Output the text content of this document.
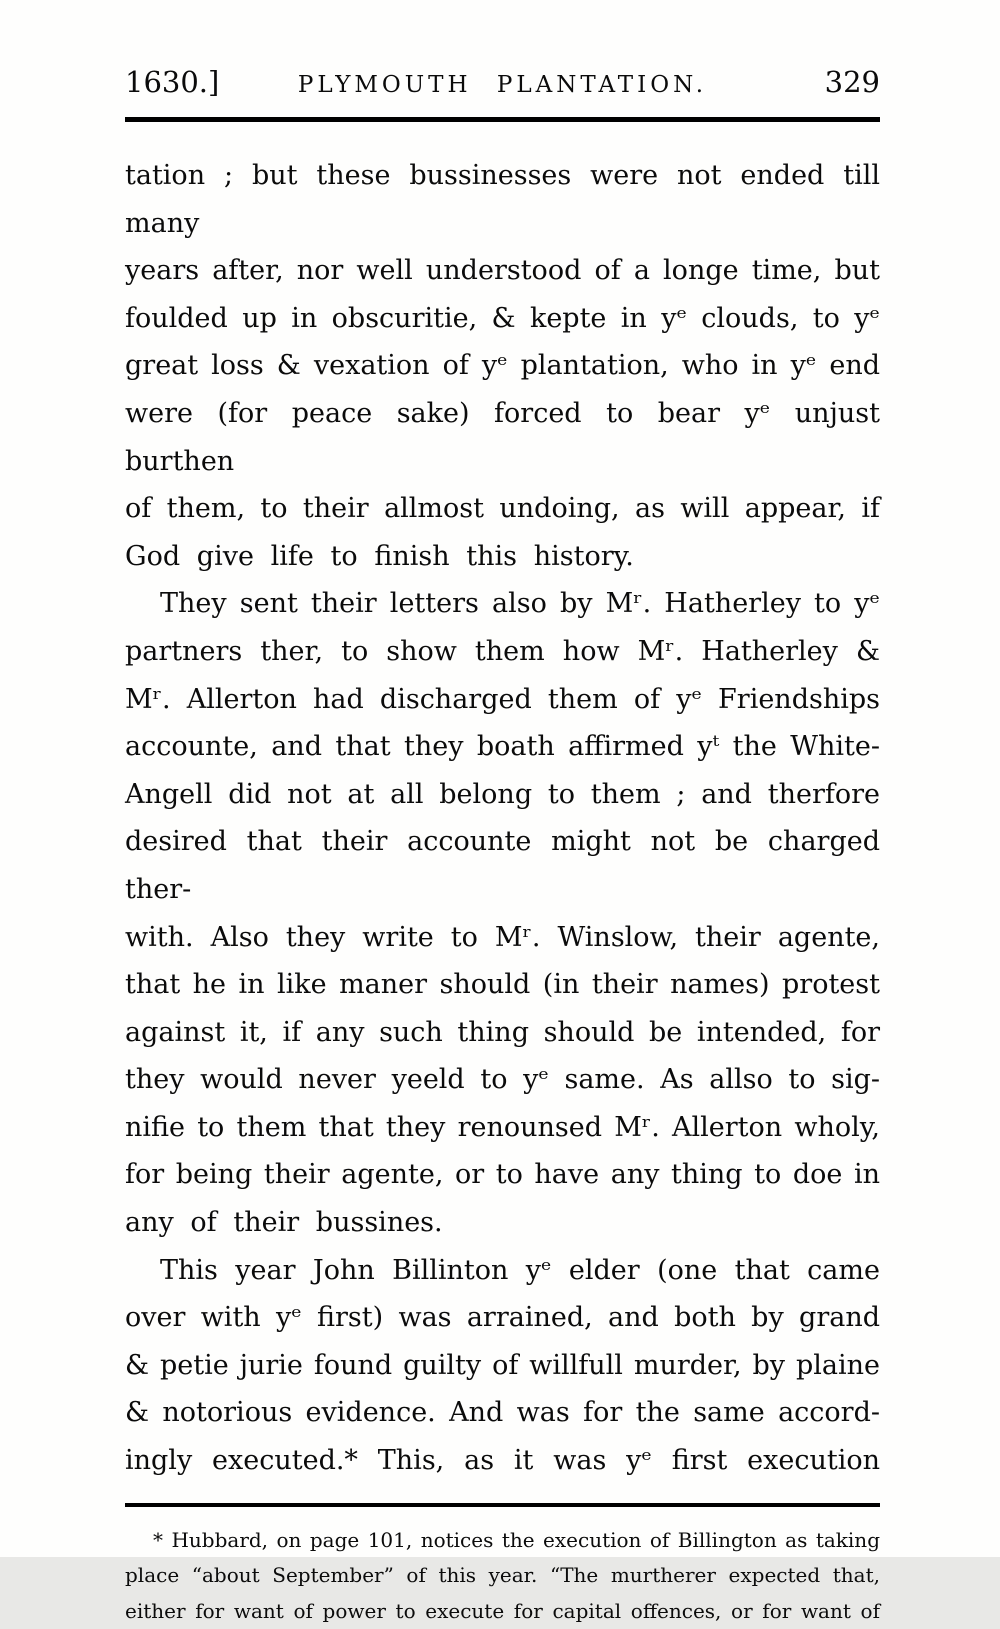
1630.]	PLYMOUTH PLANTATION.	329
tation ; but these bussinesses were not ended till many
years after, nor well understood of a longe time, but
foulded up in obscuritie, & kepte in yᵉ clouds, to yᵉ
great loss & vexation of yᵉ plantation, who in yᵉ end
were (for peace sake) forced to bear yᵉ unjust burthen
of them, to their allmost undoing, as will appear, if
God give life to finish this history.
They sent their letters also by Mʳ. Hatherley to yᵉ
partners ther, to show them how Mʳ. Hatherley &
Mʳ. Allerton had discharged them of yᵉ Friendships
accounte, and that they boath affirmed yᵗ the White-
Angell did not at all belong to them ; and therfore
desired that their accounte might not be charged ther-
with. Also they write to Mʳ. Winslow, their agente,
that he in like maner should (in their names) protest
against it, if any such thing should be intended, for
they would never yeeld to yᵉ same. As allso to sig-
nifie to them that they renounsed Mʳ. Allerton wholy,
for being their agente, or to have any thing to doe in
any of their bussines.
This year John Billinton yᵉ elder (one that came
over with yᵉ first) was arrained, and both by grand
& petie jurie found guilty of willfull murder, by plaine
& notorious evidence. And was for the same accord-
ingly executed.* This, as it was yᵉ first execution
* Hubbard, on page 101, notices the execution of Billington as taking
place “about September” of this year. “The murtherer expected that,
either for want of power to execute for capital offences, or for want of
